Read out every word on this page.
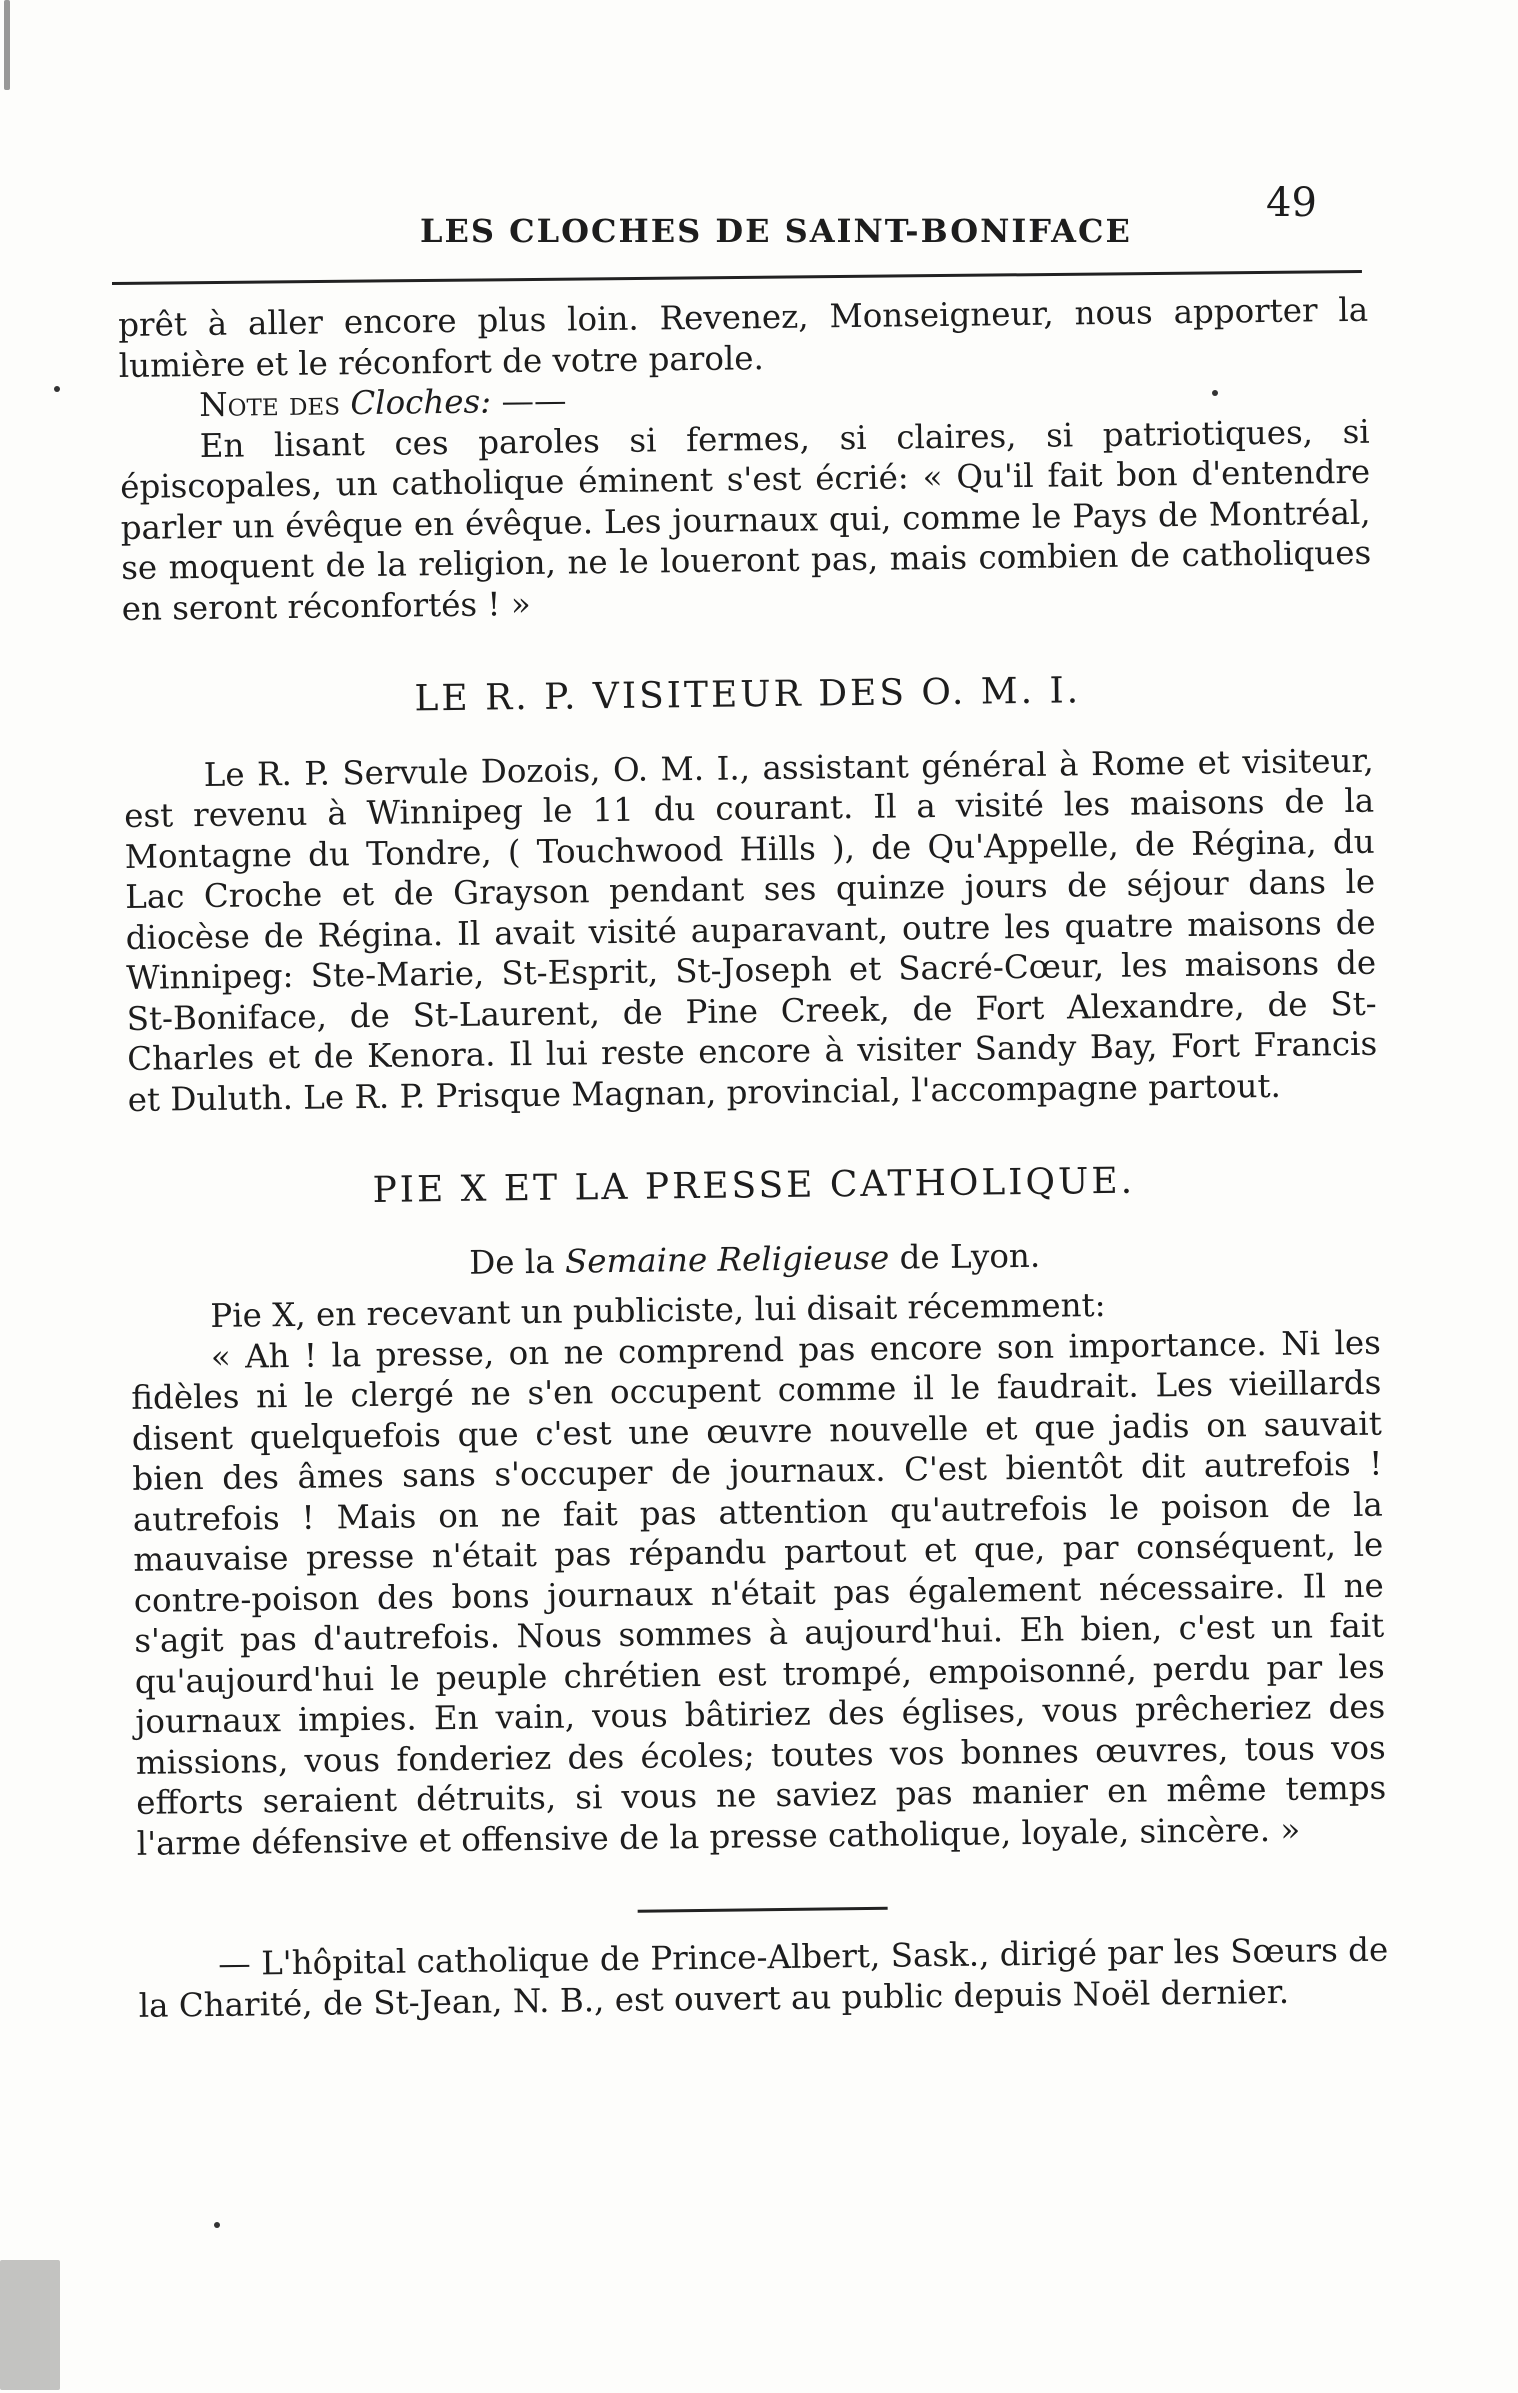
LES CLOCHES DE SAINT-BONIFACE
49

prêt à aller encore plus loin. Revenez, Monseigneur, nous apporter la lumière et le réconfort de votre parole.

Note des Cloches: ——

En lisant ces paroles si fermes, si claires, si patriotiques, si épiscopales, un catholique éminent s'est écrié: « Qu'il fait bon d'entendre parler un évêque en évêque. Les journaux qui, comme le Pays de Montréal, se moquent de la religion, ne le loueront pas, mais combien de catholiques en seront réconfortés ! »

LE R. P. VISITEUR DES O. M. I.

Le R. P. Servule Dozois, O. M. I., assistant général à Rome et visiteur, est revenu à Winnipeg le 11 du courant. Il a visité les maisons de la Montagne du Tondre, ( Touchwood Hills ), de Qu'Appelle, de Régina, du Lac Croche et de Grayson pendant ses quinze jours de séjour dans le diocèse de Régina. Il avait visité auparavant, outre les quatre maisons de Winnipeg: Ste-Marie, St-Esprit, St-Joseph et Sacré-Cœur, les maisons de St-Boniface, de St-Laurent, de Pine Creek, de Fort Alexandre, de St-Charles et de Kenora. Il lui reste encore à visiter Sandy Bay, Fort Francis et Duluth. Le R. P. Prisque Magnan, provincial, l'accompagne partout.

PIE X ET LA PRESSE CATHOLIQUE.
De la Semaine Religieuse de Lyon.

Pie X, en recevant un publiciste, lui disait récemment:

« Ah ! la presse, on ne comprend pas encore son importance. Ni les fidèles ni le clergé ne s'en occupent comme il le faudrait. Les vieillards disent quelquefois que c'est une œuvre nouvelle et que jadis on sauvait bien des âmes sans s'occuper de journaux. C'est bientôt dit autrefois ! autrefois ! Mais on ne fait pas attention qu'autrefois le poison de la mauvaise presse n'était pas répandu partout et que, par conséquent, le contre-poison des bons journaux n'était pas également nécessaire. Il ne s'agit pas d'autrefois. Nous sommes à aujourd'hui. Eh bien, c'est un fait qu'aujourd'hui le peuple chrétien est trompé, empoisonné, perdu par les journaux impies. En vain, vous bâtiriez des églises, vous prêcheriez des missions, vous fonderiez des écoles; toutes vos bonnes œuvres, tous vos efforts seraient détruits, si vous ne saviez pas manier en même temps l'arme défensive et offensive de la presse catholique, loyale, sincère. »

— L'hôpital catholique de Prince-Albert, Sask., dirigé par les Sœurs de la Charité, de St-Jean, N. B., est ouvert au public depuis Noël dernier.
